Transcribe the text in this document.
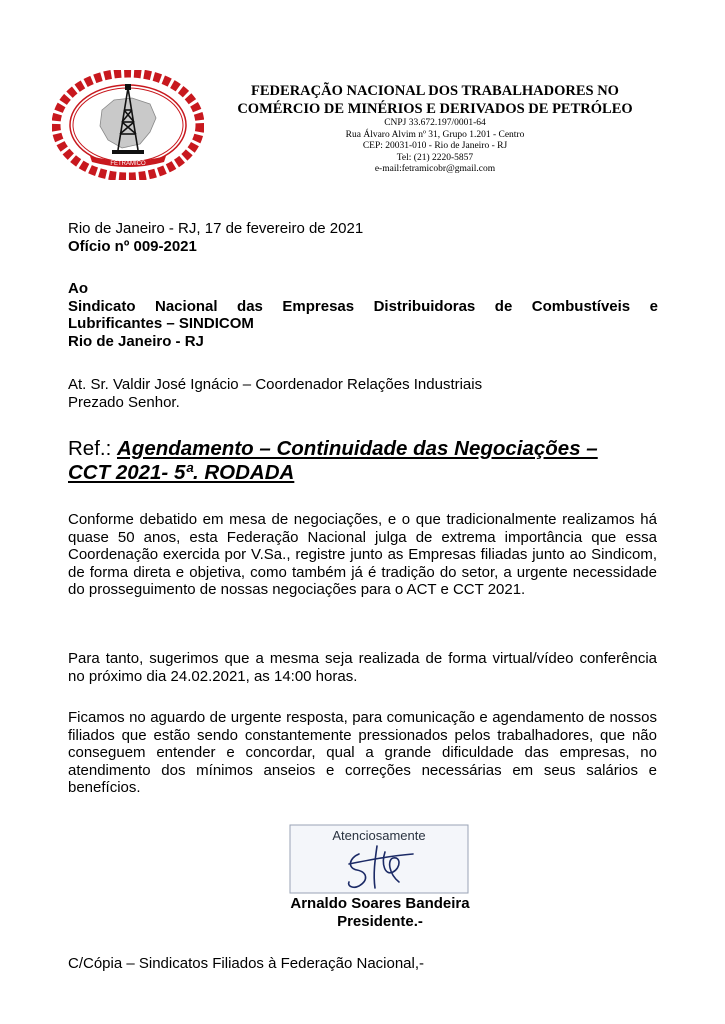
FETRAMICO
FEDERAÇÃO NACIONAL DOS TRABALHADORES NO
COMÉRCIO DE MINÉRIOS E DERIVADOS DE PETRÓLEO
CNPJ 33.672.197/0001-64
Rua Álvaro Alvim nº 31, Grupo 1.201 - Centro
CEP: 20031-010 - Rio de Janeiro - RJ
Tel: (21) 2220-5857
e-mail:fetramicobr@gmail.com
Rio de Janeiro - RJ, 17 de fevereiro de 2021
Ofício nº 009-2021
Ao
Sindicato Nacional das Empresas Distribuidoras de Combustíveis e
Lubrificantes – SINDICOM
Rio de Janeiro - RJ
At. Sr. Valdir José Ignácio – Coordenador Relações Industriais
Prezado Senhor.
Ref.: Agendamento – Continuidade das Negociações –
CCT 2021- 5ª. RODADA
Conforme debatido em mesa de negociações, e o que tradicionalmente realizamos há quase 50 anos, esta Federação Nacional julga de extrema importância que essa Coordenação exercida por V.Sa., registre junto as Empresas filiadas junto ao Sindicom, de forma direta e objetiva, como também já é tradição do setor, a urgente necessidade do prosseguimento de nossas negociações para o ACT e CCT 2021.
Para tanto, sugerimos que a mesma seja realizada de forma virtual/vídeo conferência no próximo dia 24.02.2021, as 14:00 horas.
Ficamos no aguardo de urgente resposta, para comunicação e agendamento de nossos filiados que estão sendo constantemente pressionados pelos trabalhadores, que não conseguem entender e concordar, qual a grande dificuldade das empresas, no atendimento dos mínimos anseios e correções necessárias em seus salários e benefícios.
Atenciosamente
Arnaldo Soares Bandeira
Presidente.-
C/Cópia – Sindicatos Filiados à Federação Nacional,-
